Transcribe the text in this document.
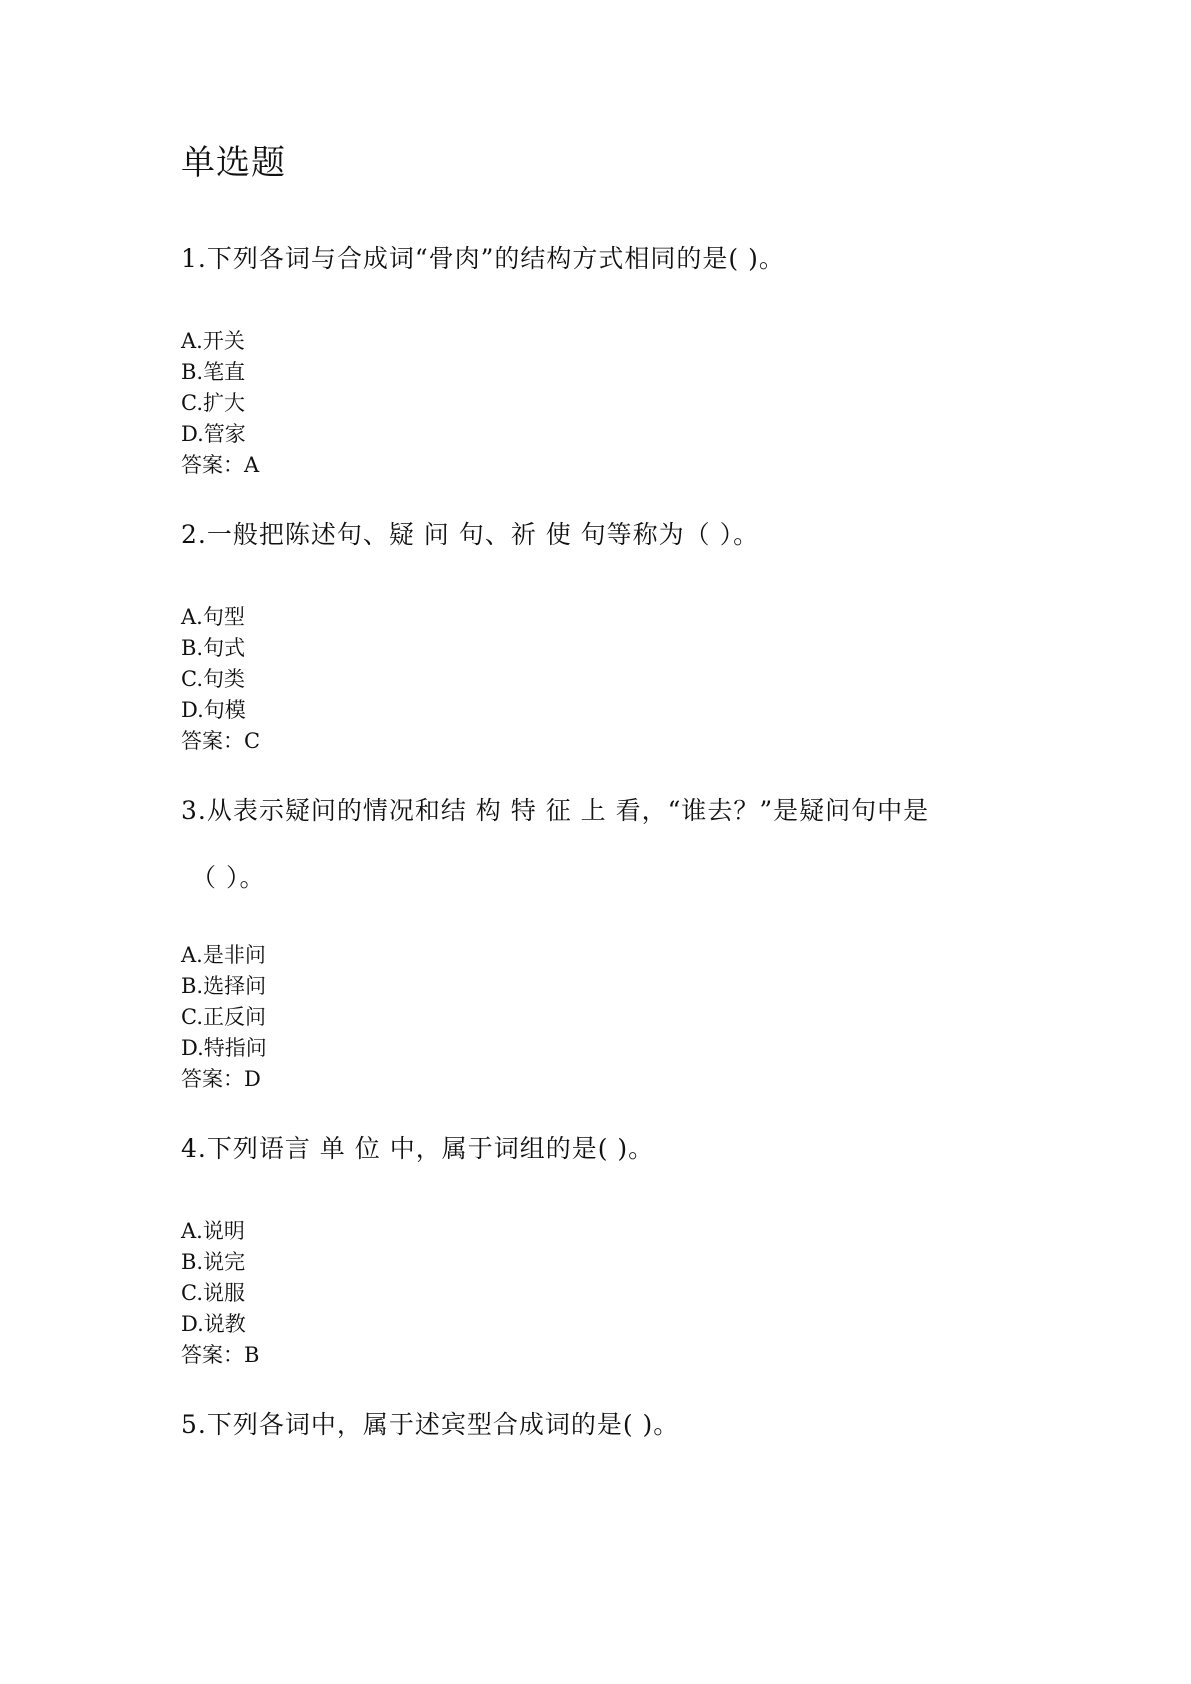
单选题
1.下列各词与合成词“骨肉”的结构方式相同的是( )。
A.开关
B.笔直
C.扩大
D.管家
答案：A
2.一般把陈述句、疑 问 句、祈 使 句等称为（ ）。
A.句型
B.句式
C.句类
D.句模
答案：C
3.从表示疑问的情况和结 构 特 征 上 看，“谁去？”是疑问句中是
（ ）。
A.是非问
B.选择问
C.正反问
D.特指问
答案：D
4.下列语言 单 位 中，属于词组的是( )。
A.说明
B.说完
C.说服
D.说教
答案：B
5.下列各词中，属于述宾型合成词的是( )。
